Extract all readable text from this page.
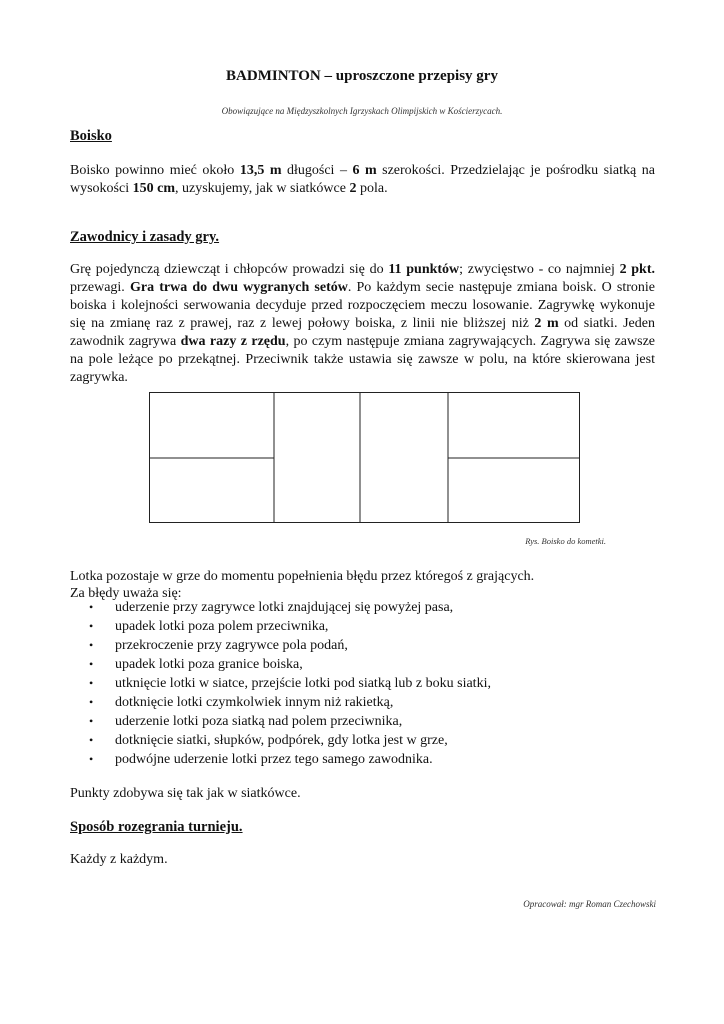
BADMINTON – uproszczone przepisy gry
Obowiązujące na Międzyszkolnych Igrzyskach Olimpijskich w Kościerzycach.
Boisko

Boisko powinno mieć około 13,5 m długości – 6 m szerokości. Przedzielając je pośrodku siatką na wysokości 150 cm, uzyskujemy, jak w siatkówce 2 pola.

Zawodnicy i zasady gry.

Grę pojedynczą dziewcząt i chłopców prowadzi się do 11 punktów; zwycięstwo - co najmniej 2 pkt. przewagi. Gra trwa do dwu wygranych setów. Po każdym secie następuje zmiana boisk. O stronie boiska i kolejności serwowania decyduje przed rozpoczęciem meczu losowanie. Zagrywkę wykonuje się na zmianę raz z prawej, raz z lewej połowy boiska, z linii nie bliższej niż 2 m od siatki. Jeden zawodnik zagrywa dwa razy z rzędu, po czym następuje zmiana zagrywających. Zagrywa się zawsze na pole leżące po przekątnej. Przeciwnik także ustawia się zawsze w polu, na które skierowana jest zagrywka.

Rys. Boisko do kometki.

Lotka pozostaje w grze do momentu popełnienia błędu przez któregoś z grających.

Za błędy uważa się:

• uderzenie przy zagrywce lotki znajdującej się powyżej pasa,
• upadek lotki poza polem przeciwnika,
• przekroczenie przy zagrywce pola podań,
• upadek lotki poza granice boiska,
• utknięcie lotki w siatce, przejście lotki pod siatką lub z boku siatki,
• dotknięcie lotki czymkolwiek innym niż rakietką,
• uderzenie lotki poza siatką nad polem przeciwnika,
• dotknięcie siatki, słupków, podpórek, gdy lotka jest w grze,
• podwójne uderzenie lotki przez tego samego zawodnika.

Punkty zdobywa się tak jak w siatkówce.

Sposób rozegrania turnieju.

Każdy z każdym.

Opracował: mgr Roman Czechowski
